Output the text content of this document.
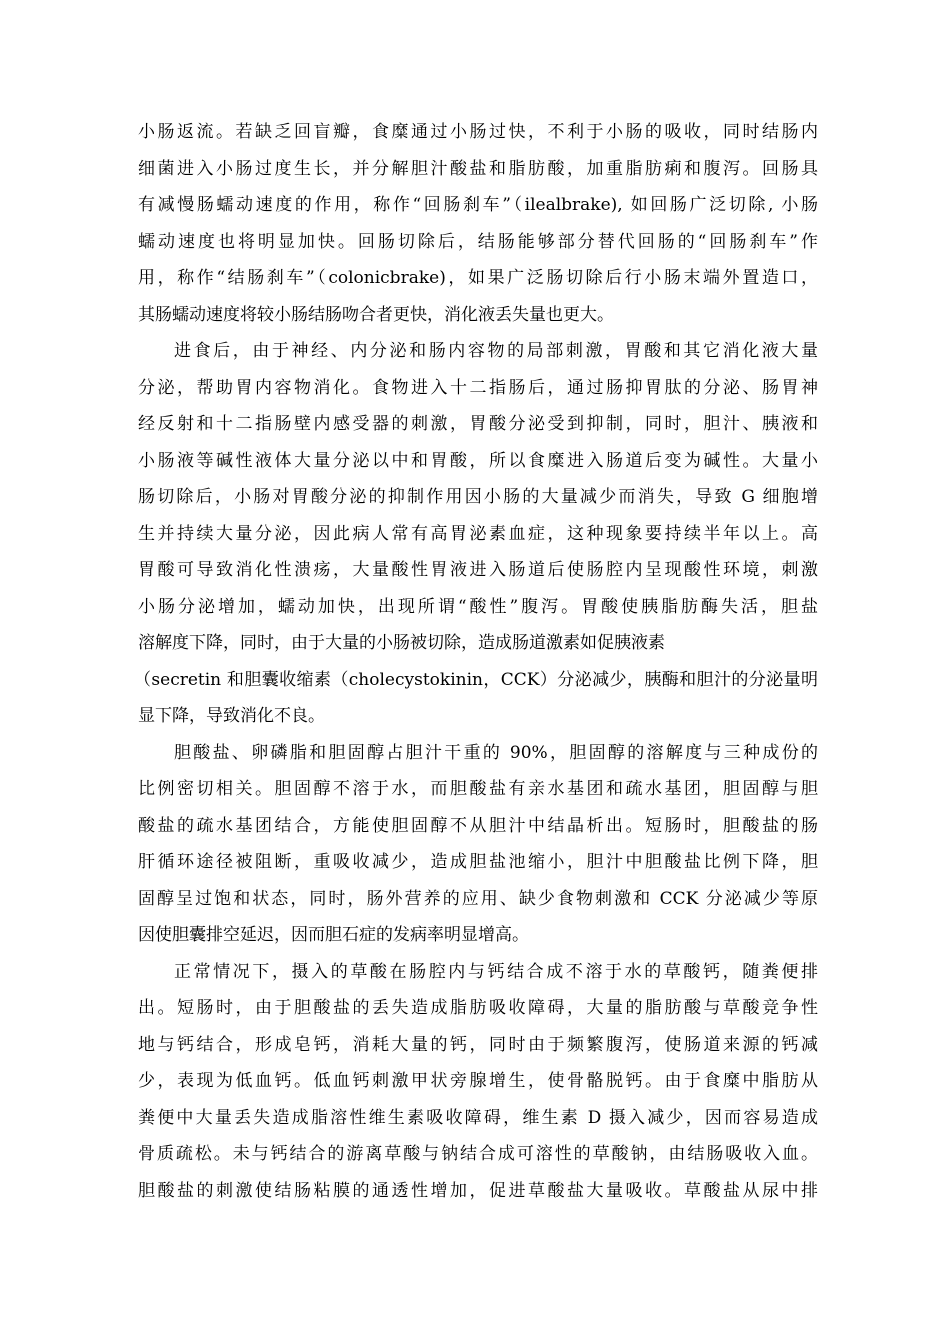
小肠返流。若缺乏回盲瓣，食糜通过小肠过快，不利于小肠的吸收，同时结肠内
细菌进入小肠过度生长，并分解胆汁酸盐和脂肪酸，加重脂肪痢和腹泻。回肠具
有减慢肠蠕动速度的作用，称作“回肠刹车”（ilealbrake), 如回肠广泛切除, 小肠
蠕动速度也将明显加快。回肠切除后，结肠能够部分替代回肠的“回肠刹车”作
用，称作“结肠刹车”（colonicbrake)，如果广泛肠切除后行小肠末端外置造口，
其肠蠕动速度将较小肠结肠吻合者更快，消化液丢失量也更大。
进食后，由于神经、内分泌和肠内容物的局部刺激，胃酸和其它消化液大量
分泌，帮助胃内容物消化。食物进入十二指肠后，通过肠抑胃肽的分泌、肠胃神
经反射和十二指肠壁内感受器的刺激，胃酸分泌受到抑制，同时，胆汁、胰液和
小肠液等碱性液体大量分泌以中和胃酸，所以食糜进入肠道后变为碱性。大量小
肠切除后，小肠对胃酸分泌的抑制作用因小肠的大量减少而消失，导致 G 细胞增
生并持续大量分泌，因此病人常有高胃泌素血症，这种现象要持续半年以上。高
胃酸可导致消化性溃疡，大量酸性胃液进入肠道后使肠腔内呈现酸性环境，刺激
小肠分泌增加，蠕动加快，出现所谓“酸性”腹泻。胃酸使胰脂肪酶失活，胆盐
溶解度下降，同时，由于大量的小肠被切除，造成肠道激素如促胰液素
（secretin 和胆囊收缩素（cholecystokinin，CCK）分泌减少，胰酶和胆汁的分泌量明
显下降，导致消化不良。
胆酸盐、卵磷脂和胆固醇占胆汁干重的 90%，胆固醇的溶解度与三种成份的
比例密切相关。胆固醇不溶于水，而胆酸盐有亲水基团和疏水基团，胆固醇与胆
酸盐的疏水基团结合，方能使胆固醇不从胆汁中结晶析出。短肠时，胆酸盐的肠
肝循环途径被阻断，重吸收减少，造成胆盐池缩小，胆汁中胆酸盐比例下降，胆
固醇呈过饱和状态，同时，肠外营养的应用、缺少食物刺激和 CCK 分泌减少等原
因使胆囊排空延迟，因而胆石症的发病率明显增高。
正常情况下，摄入的草酸在肠腔内与钙结合成不溶于水的草酸钙，随粪便排
出。短肠时，由于胆酸盐的丢失造成脂肪吸收障碍，大量的脂肪酸与草酸竞争性
地与钙结合，形成皂钙，消耗大量的钙，同时由于频繁腹泻，使肠道来源的钙减
少，表现为低血钙。低血钙刺激甲状旁腺增生，使骨骼脱钙。由于食糜中脂肪从
粪便中大量丢失造成脂溶性维生素吸收障碍，维生素 D 摄入减少，因而容易造成
骨质疏松。未与钙结合的游离草酸与钠结合成可溶性的草酸钠，由结肠吸收入血。
胆酸盐的刺激使结肠粘膜的通透性增加，促进草酸盐大量吸收。草酸盐从尿中排
